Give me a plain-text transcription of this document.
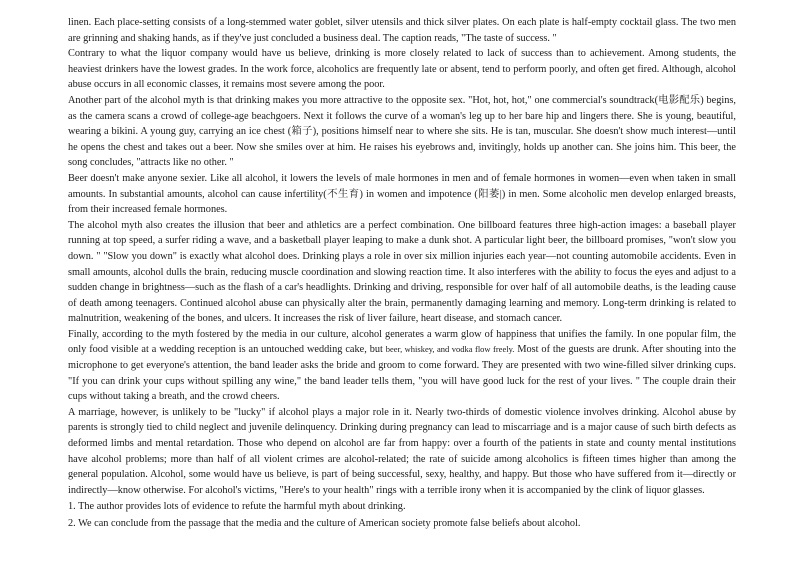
linen. Each place-setting consists of a long-stemmed water goblet, silver utensils and thick silver plates. On each plate is half-empty cocktail glass. The two men are grinning and shaking hands, as if they've just concluded a business deal. The caption reads, "The taste of success. "

Contrary to what the liquor company would have us believe, drinking is more closely related to lack of success than to achievement. Among students, the heaviest drinkers have the lowest grades. In the work force, alcoholics are frequently late or absent, tend to perform poorly, and often get fired. Although, alcohol abuse occurs in all economic classes, it remains most severe among the poor.

Another part of the alcohol myth is that drinking makes you more attractive to the opposite sex. "Hot, hot, hot," one commercial's soundtrack(电影配乐) begins, as the camera scans a crowd of college-age beachgoers. Next it follows the curve of a woman's leg up to her bare hip and lingers there. She is young, beautiful, wearing a bikini. A young guy, carrying an ice chest (箱子), positions himself near to where she sits. He is tan, muscular. She doesn't show much interest—until he opens the chest and takes out a beer. Now she smiles over at him. He raises his eyebrows and, invitingly, holds up another can. She joins him. This beer, the song concludes, "attracts like no other. "

Beer doesn't make anyone sexier. Like all alcohol, it lowers the levels of male hormones in men and of female hormones in women—even when taken in small amounts. In substantial amounts, alcohol can cause infertility(不生育) in women and impotence (阳萎|) in men. Some alcoholic men develop enlarged breasts, from their increased female hormones.

The alcohol myth also creates the illusion that beer and athletics are a perfect combination. One billboard features three high-action images: a baseball player running at top speed, a surfer riding a wave, and a basketball player leaping to make a dunk shot. A particular light beer, the billboard promises, "won't slow you down. " "Slow you down" is exactly what alcohol does. Drinking plays a role in over six million injuries each year—not counting automobile accidents. Even in small amounts, alcohol dulls the brain, reducing muscle coordination and slowing reaction time. It also interferes with the ability to focus the eyes and adjust to a sudden change in brightness—such as the flash of a car's headlights. Drinking and driving, responsible for over half of all automobile deaths, is the leading cause of death among teenagers. Continued alcohol abuse can physically alter the brain, permanently damaging learning and memory. Long-term drinking is related to malnutrition, weakening of the bones, and ulcers. It increases the risk of liver failure, heart disease, and stomach cancer.

Finally, according to the myth fostered by the media in our culture, alcohol generates a warm glow of happiness that unifies the family. In one popular film, the only food visible at a wedding reception is an untouched wedding cake, but beer, whiskey, and vodka flow freely. Most of the guests are drunk. After shouting into the microphone to get everyone's attention, the band leader asks the bride and groom to come forward. They are presented with two wine-filled silver drinking cups. "If you can drink your cups without spilling any wine," the band leader tells them, "you will have good luck for the rest of your lives. " The couple drain their cups without taking a breath, and the crowd cheers.

A marriage, however, is unlikely to be "lucky" if alcohol plays a major role in it. Nearly two-thirds of domestic violence involves drinking. Alcohol abuse by parents is strongly tied to child neglect and juvenile delinquency. Drinking during pregnancy can lead to miscarriage and is a major cause of such birth defects as deformed limbs and mental retardation. Those who depend on alcohol are far from happy: over a fourth of the patients in state and county mental institutions have alcohol problems; more than half of all violent crimes are alcohol-related; the rate of suicide among alcoholics is fifteen times higher than among the general population. Alcohol, some would have us believe, is part of being successful, sexy, healthy, and happy. But those who have suffered from it—directly or indirectly—know otherwise. For alcohol's victims, "Here's to your health" rings with a terrible irony when it is accompanied by the clink of liquor glasses.

1. The author provides lots of evidence to refute the harmful myth about drinking.

2. We can conclude from the passage that the media and the culture of American society promote false beliefs about alcohol.
